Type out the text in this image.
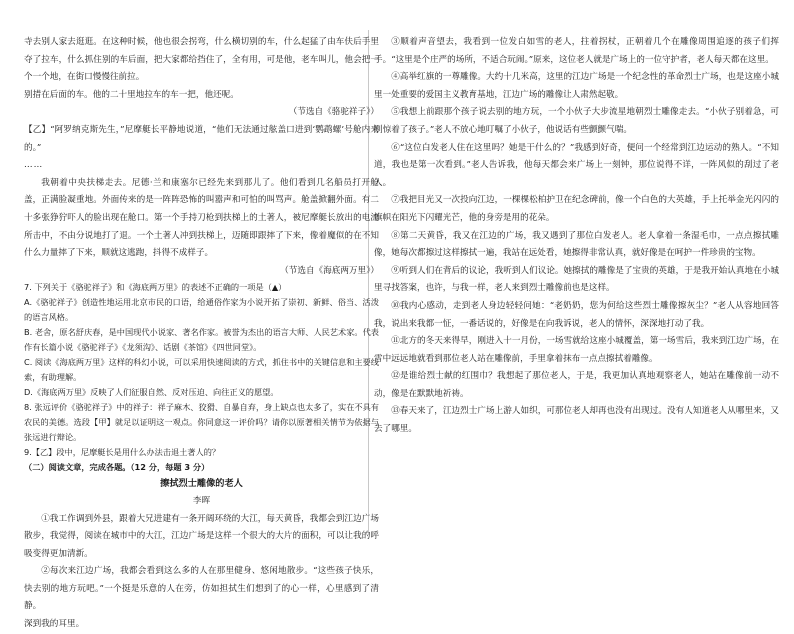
寺去别人家去逛逛。在这种时候，他也很会拐弯，什么横切别的车，什么起猛了由车伕后手里夺了拉车，什么抓住别的车后面，把大家都给挡住了，全有用，可是他，老车叫儿，他会把一个一个地，在街口慢慢往前拉。

别措在后面的车。他的二十里地拉车的车一把，他还呢。

（节选自《骆驼祥子》）

【乙】“阿罗纳克斯先生，”尼摩艇长平静地说道，“他们无法通过舷盖口进到‘鹦鹉螺’号舱内来的。”

……

我朝着中央扶梯走去。尼德·兰和康塞尔已经先来到那儿了。他们看到几名船员打开舱盖，正满脸凝重地。外面传来的是一阵阵恐怖的叫嚣声和可怕的叫骂声。舱盖掀翻外面。有二十多张狰狞吓人的脸出现在舱口。第一个手持刀枪到扶梯上的土著人，被尼摩艇长放出的电流所击中，不由分说地打了退。一个土著人冲到扶梯上，迈随即跟摔了下来，像着魔似的在不知什么力量摔了下来，顺就这逃跑，抖得不成样子。

（节选自《海底两万里》）

7. 下列关于《骆驼祥子》和《海底两万里》的表述不正确的一项是（▲）

A.《骆驼祥子》创造性地运用北京市民的口语，给通俗作家为小说开拓了崇初、新鲜、俗当、活泼的语言风格。

B. 老舍，原名舒庆春，是中国现代小说家、著名作家。被誉为杰出的语言大师、人民艺术家。代表作有长篇小说《骆驼祥子》《龙须沟》、话剧《茶馆》《四世同堂》。

C. 阅读《海底两万里》这样的科幻小说，可以采用快速阅读的方式，抓住书中的关键信息和主要线索，有助理解。

D.《海底两万里》反映了人们征服自然、反对压迫、向往正义的愿望。

8. 张远评价《骆驼祥子》中的祥子：祥子麻木、狡猾、自暴自弃，身上缺点也太多了，实在不具有农民的美德。选段【甲】就足以证明这一观点。你同意这一评价吗？请你以原著相关情节为依据与张远进行辩论。

9.【乙】段中，尼摩艇长是用什么办法击退土著人的？

（二）阅读文章，完成各题。（12 分，每题 3 分）

擦拭烈士雕像的老人

李晖

①我工作调到外县，跟着大兄进建有一条开阔环绕的大江，每天黄昏，我都会到江边广场散步，我觉得，阅读在城市中的大江，江边广场是这样一个很大的大片的面积，可以让我的呼吸变得更加清新。

②每次来江边广场，我都会看到这么多的人在那里健身、悠闲地散步。“这些孩子快乐，快去别的地方玩吧。”一个挺是乐意的人在旁，仿如担拭生们想到了的心一样，心里感到了清静。

深到我的耳里。

③顺着声音望去，我看到一位发白如雪的老人，拄着拐杖，正朝着几个在雕像周围追逐的孩子们挥手。“这里是个庄严的场所，不适合玩闹。”原来，这位老人就是广场上的一位守护者，老人每天都在这里。

④高举红旗的一尊雕像。大约十几米高，这里的江边广场是一个纪念性的革命烈士广场，也是这座小城里一处重要的爱国主义教育基地，江边广场的雕像让人肃然起敬。

⑤我想上前跟那个孩子说去别的地方玩，一个小伙子大步流星地朝烈士雕像走去。“小伙子别着急，可别惊着了孩子。”老人不放心地叮嘱了小伙子，他说话有些颤颤气喘。

⑥“这位白发老人住在这里吗？她是干什么的？”我感到好奇，便问一个经常到江边运动的熟人。“不知道，我也是第一次看到。”老人告诉我，他每天都会来广场上一刻钟，那位说得不详，一阵风似的刮过了老人。

⑦我把目光又一次投向江边，一棵棵松柏护卫在纪念碑前，像一个白色的大英雄，手上托举金光闪闪的旗帜在阳光下闪耀光芒，他的身旁是用的花朵。

⑧第二天黄昏，我又在江边的广场，我又遇到了那位白发老人。老人拿着一条湿毛巾，一点点擦拭雕像，她每次都擦过这样擦拭一遍，我站在远处看，她擦得非常认真，就好像是在呵护一件珍贵的宝物。

⑨听到人们在背后的议论，我听到人们议论。她擦拭的雕像是了宝贵的英雄，于是我开始认真地在小城里寻找答案，也许，与我一样，老人来到烈士雕像前也是这样。

⑩我内心感动，走到老人身边轻轻问她：“老奶奶，您为何给这些烈士雕像擦灰尘？”老人从容地回答我，说出来我都一怔，一番话说的，好像是在向我诉说，老人的情怀，深深地打动了我。

⑪北方的冬天来得早，刚进入十一月份，一场雪就给这座小城覆盖，第一场雪后，我来到江边广场，在雪中远远地就看到那位老人站在雕像前，手里拿着抹布一点点擦拭着雕像。

⑫是谁给烈士献的红围巾？我想起了那位老人，于是，我更加认真地观察老人，她站在雕像前一动不动，像是在默默地祈祷。

⑬春天来了，江边烈士广场上游人如织，可那位老人却再也没有出现过。没有人知道老人从哪里来，又去了哪里。
